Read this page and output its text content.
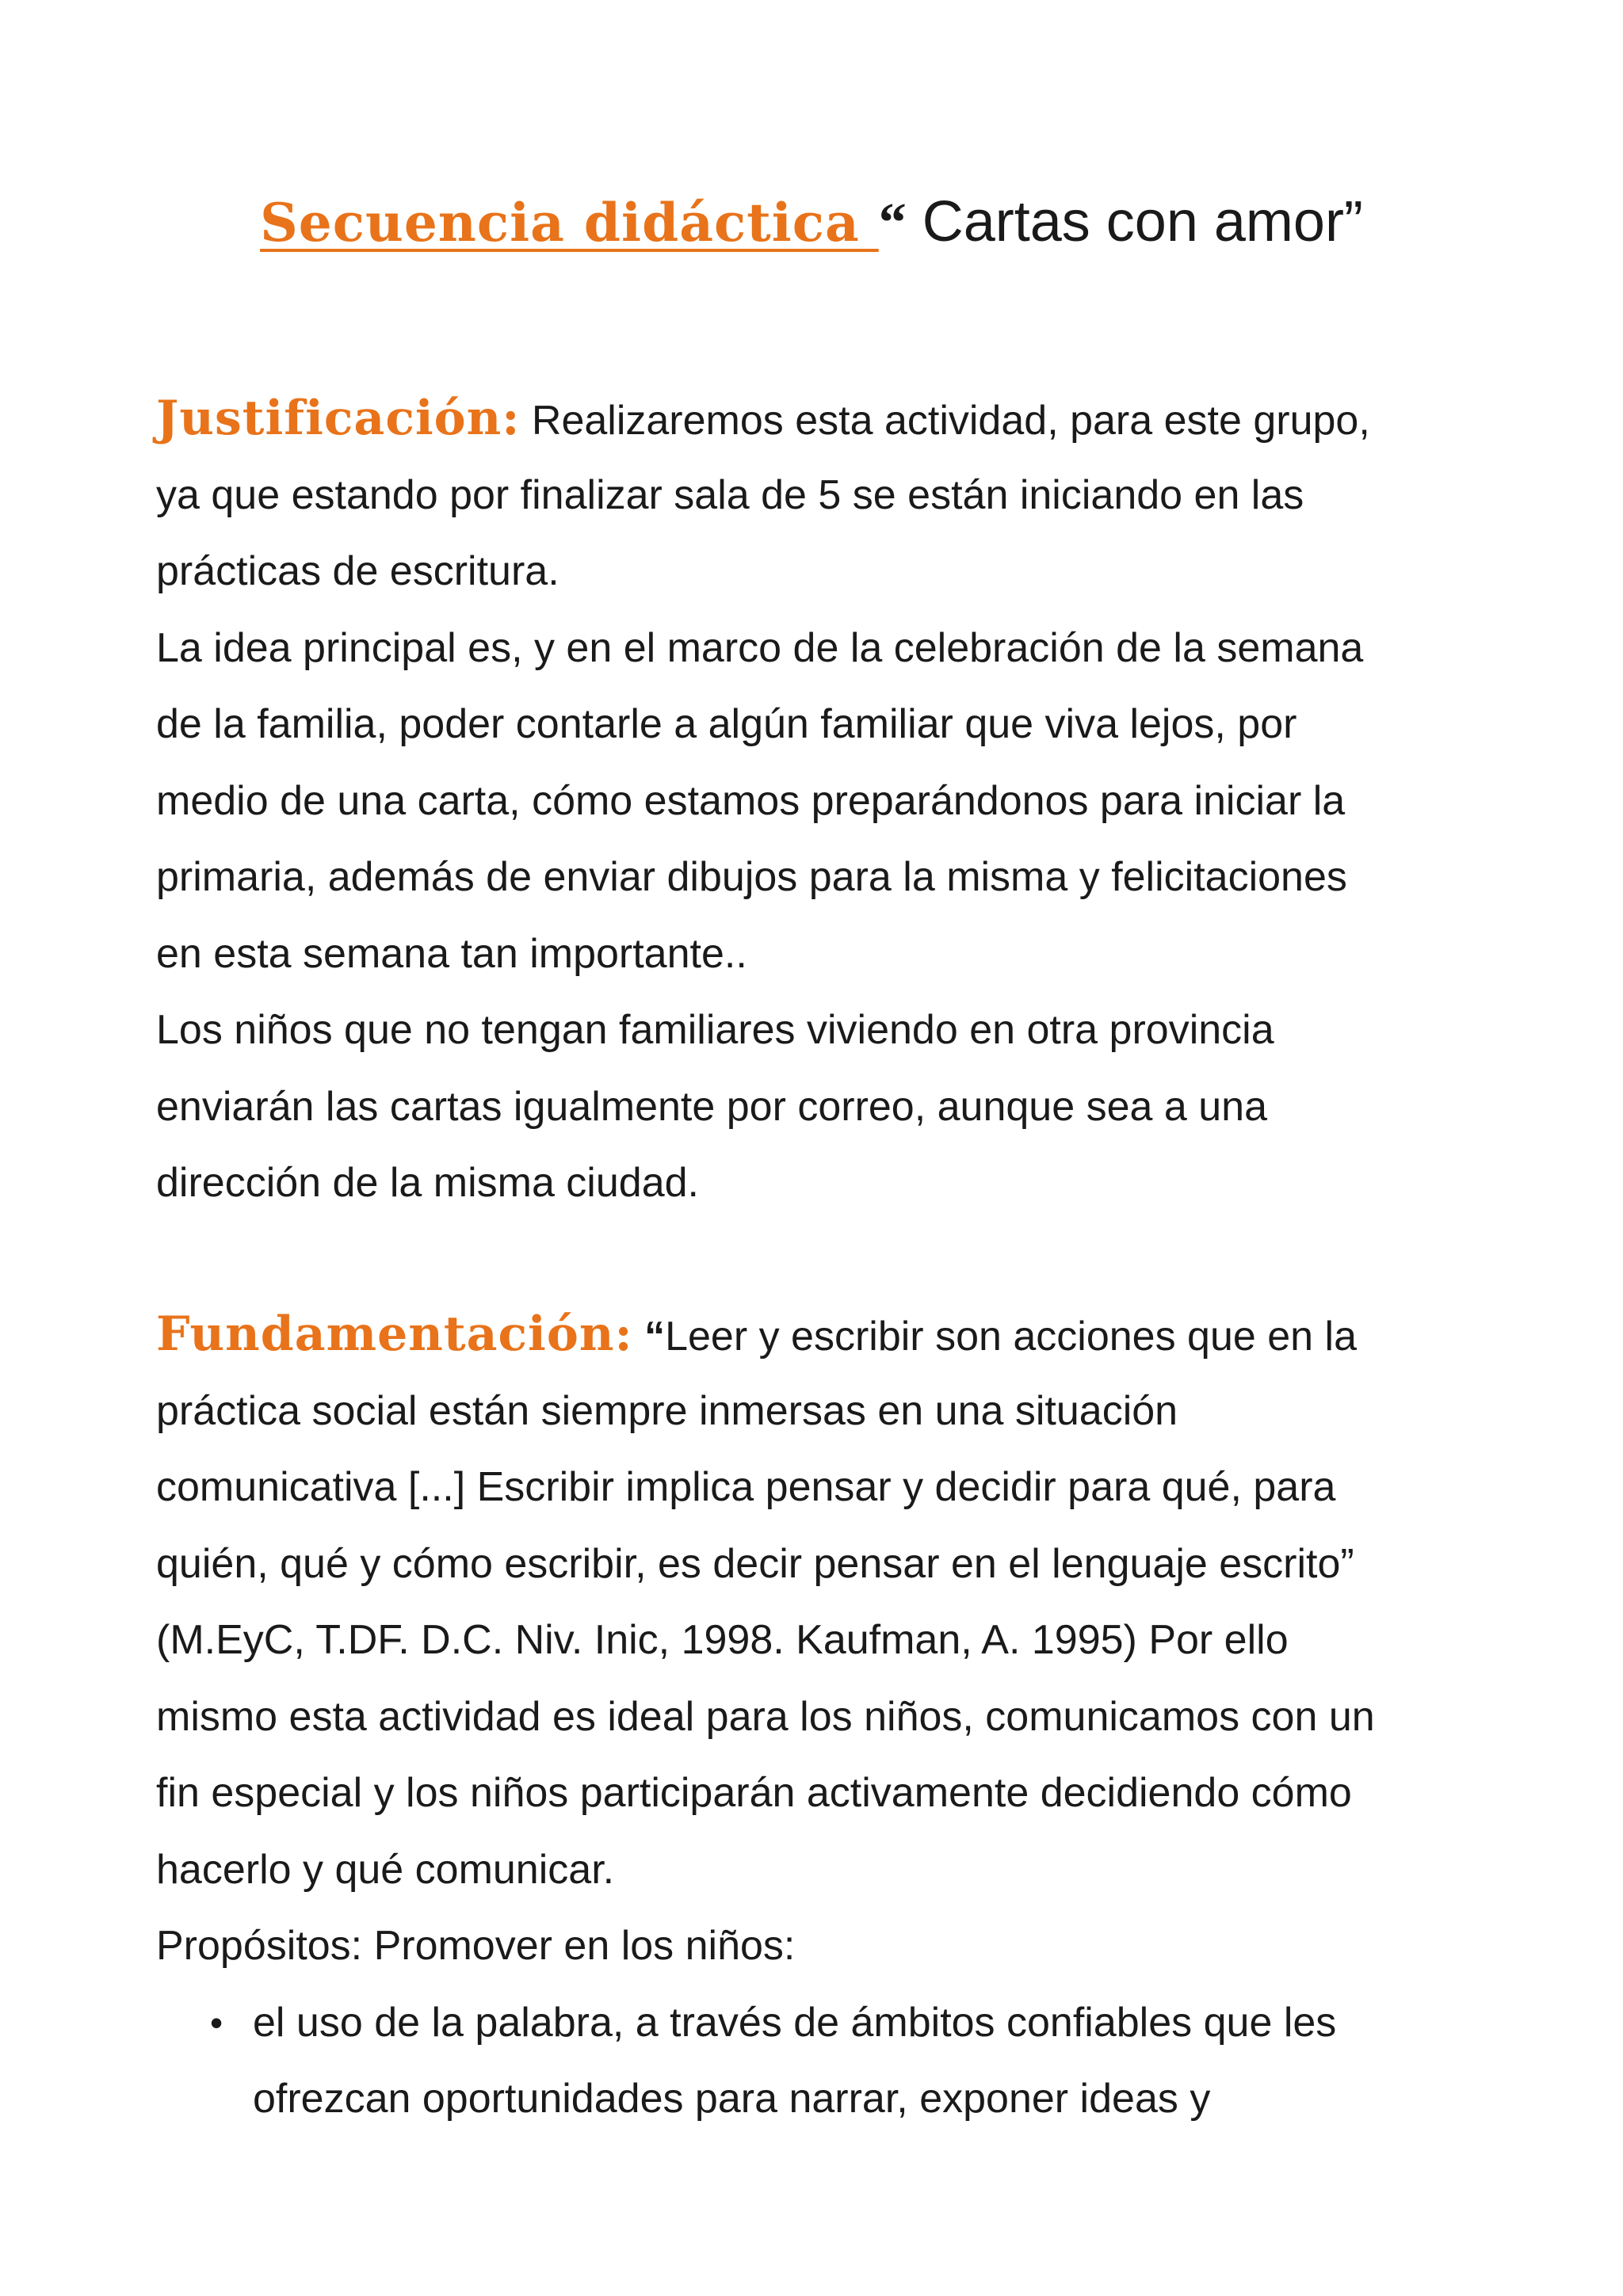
Secuencia didáctica “ Cartas con amor”
Justificación: Realizaremos esta actividad, para este grupo,
ya que estando por finalizar sala de 5 se están iniciando en las
prácticas de escritura.
La idea principal es, y en el marco de la celebración de la semana
de la familia, poder contarle a algún familiar que viva lejos, por
medio de una carta, cómo estamos preparándonos para iniciar la
primaria, además de enviar dibujos para la misma y felicitaciones
en esta semana tan importante..
Los niños que no tengan familiares viviendo en otra provincia
enviarán las cartas igualmente por correo, aunque sea a una
dirección de la misma ciudad.
Fundamentación: “Leer y escribir son acciones que en la
práctica social están siempre inmersas en una situación
comunicativa [...] Escribir implica pensar y decidir para qué, para
quién, qué y cómo escribir, es decir pensar en el lenguaje escrito”
(M.EyC, T.DF. D.C. Niv. Inic, 1998. Kaufman, A. 1995) Por ello
mismo esta actividad es ideal para los niños, comunicamos con un
fin especial y los niños participarán activamente decidiendo cómo
hacerlo y qué comunicar.
Propósitos: Promover en los niños:
• el uso de la palabra, a través de ámbitos confiables que les
ofrezcan oportunidades para narrar, exponer ideas y
